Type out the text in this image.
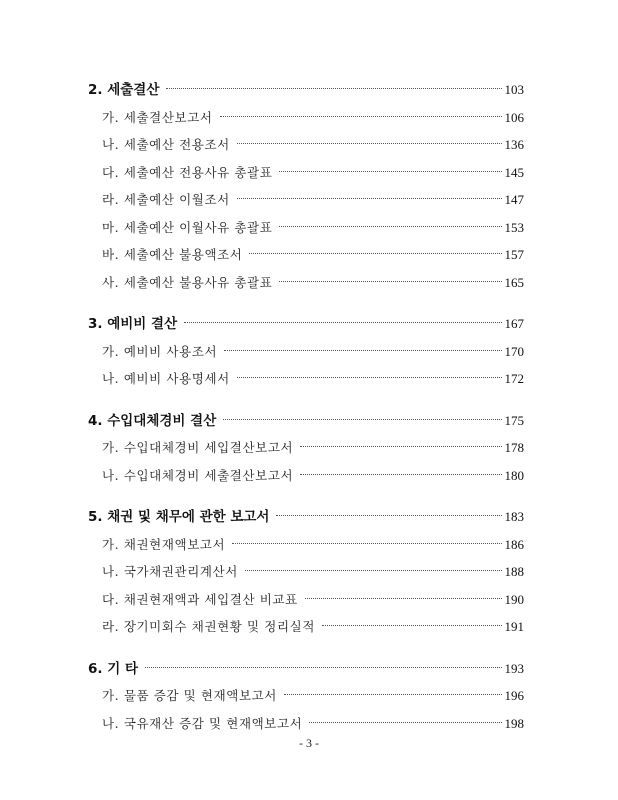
2. 세출결산	103
가. 세출결산보고서	106
나. 세출예산 전용조서	136
다. 세출예산 전용사유 총괄표	145
라. 세출예산 이월조서	147
마. 세출예산 이월사유 총괄표	153
바. 세출예산 불용액조서	157
사. 세출예산 불용사유 총괄표	165
3. 예비비 결산	167
가. 예비비 사용조서	170
나. 예비비 사용명세서	172
4. 수입대체경비 결산	175
가. 수입대체경비 세입결산보고서	178
나. 수입대체경비 세출결산보고서	180
5. 채권 및 채무에 관한 보고서	183
가. 채권현재액보고서	186
나. 국가채권관리계산서	188
다. 채권현재액과 세입결산 비교표	190
라. 장기미회수 채권현황 및 정리실적	191
6. 기 타	193
가. 물품 증감 및 현재액보고서	196
나. 국유재산 증감 및 현재액보고서	198
- 3 -
